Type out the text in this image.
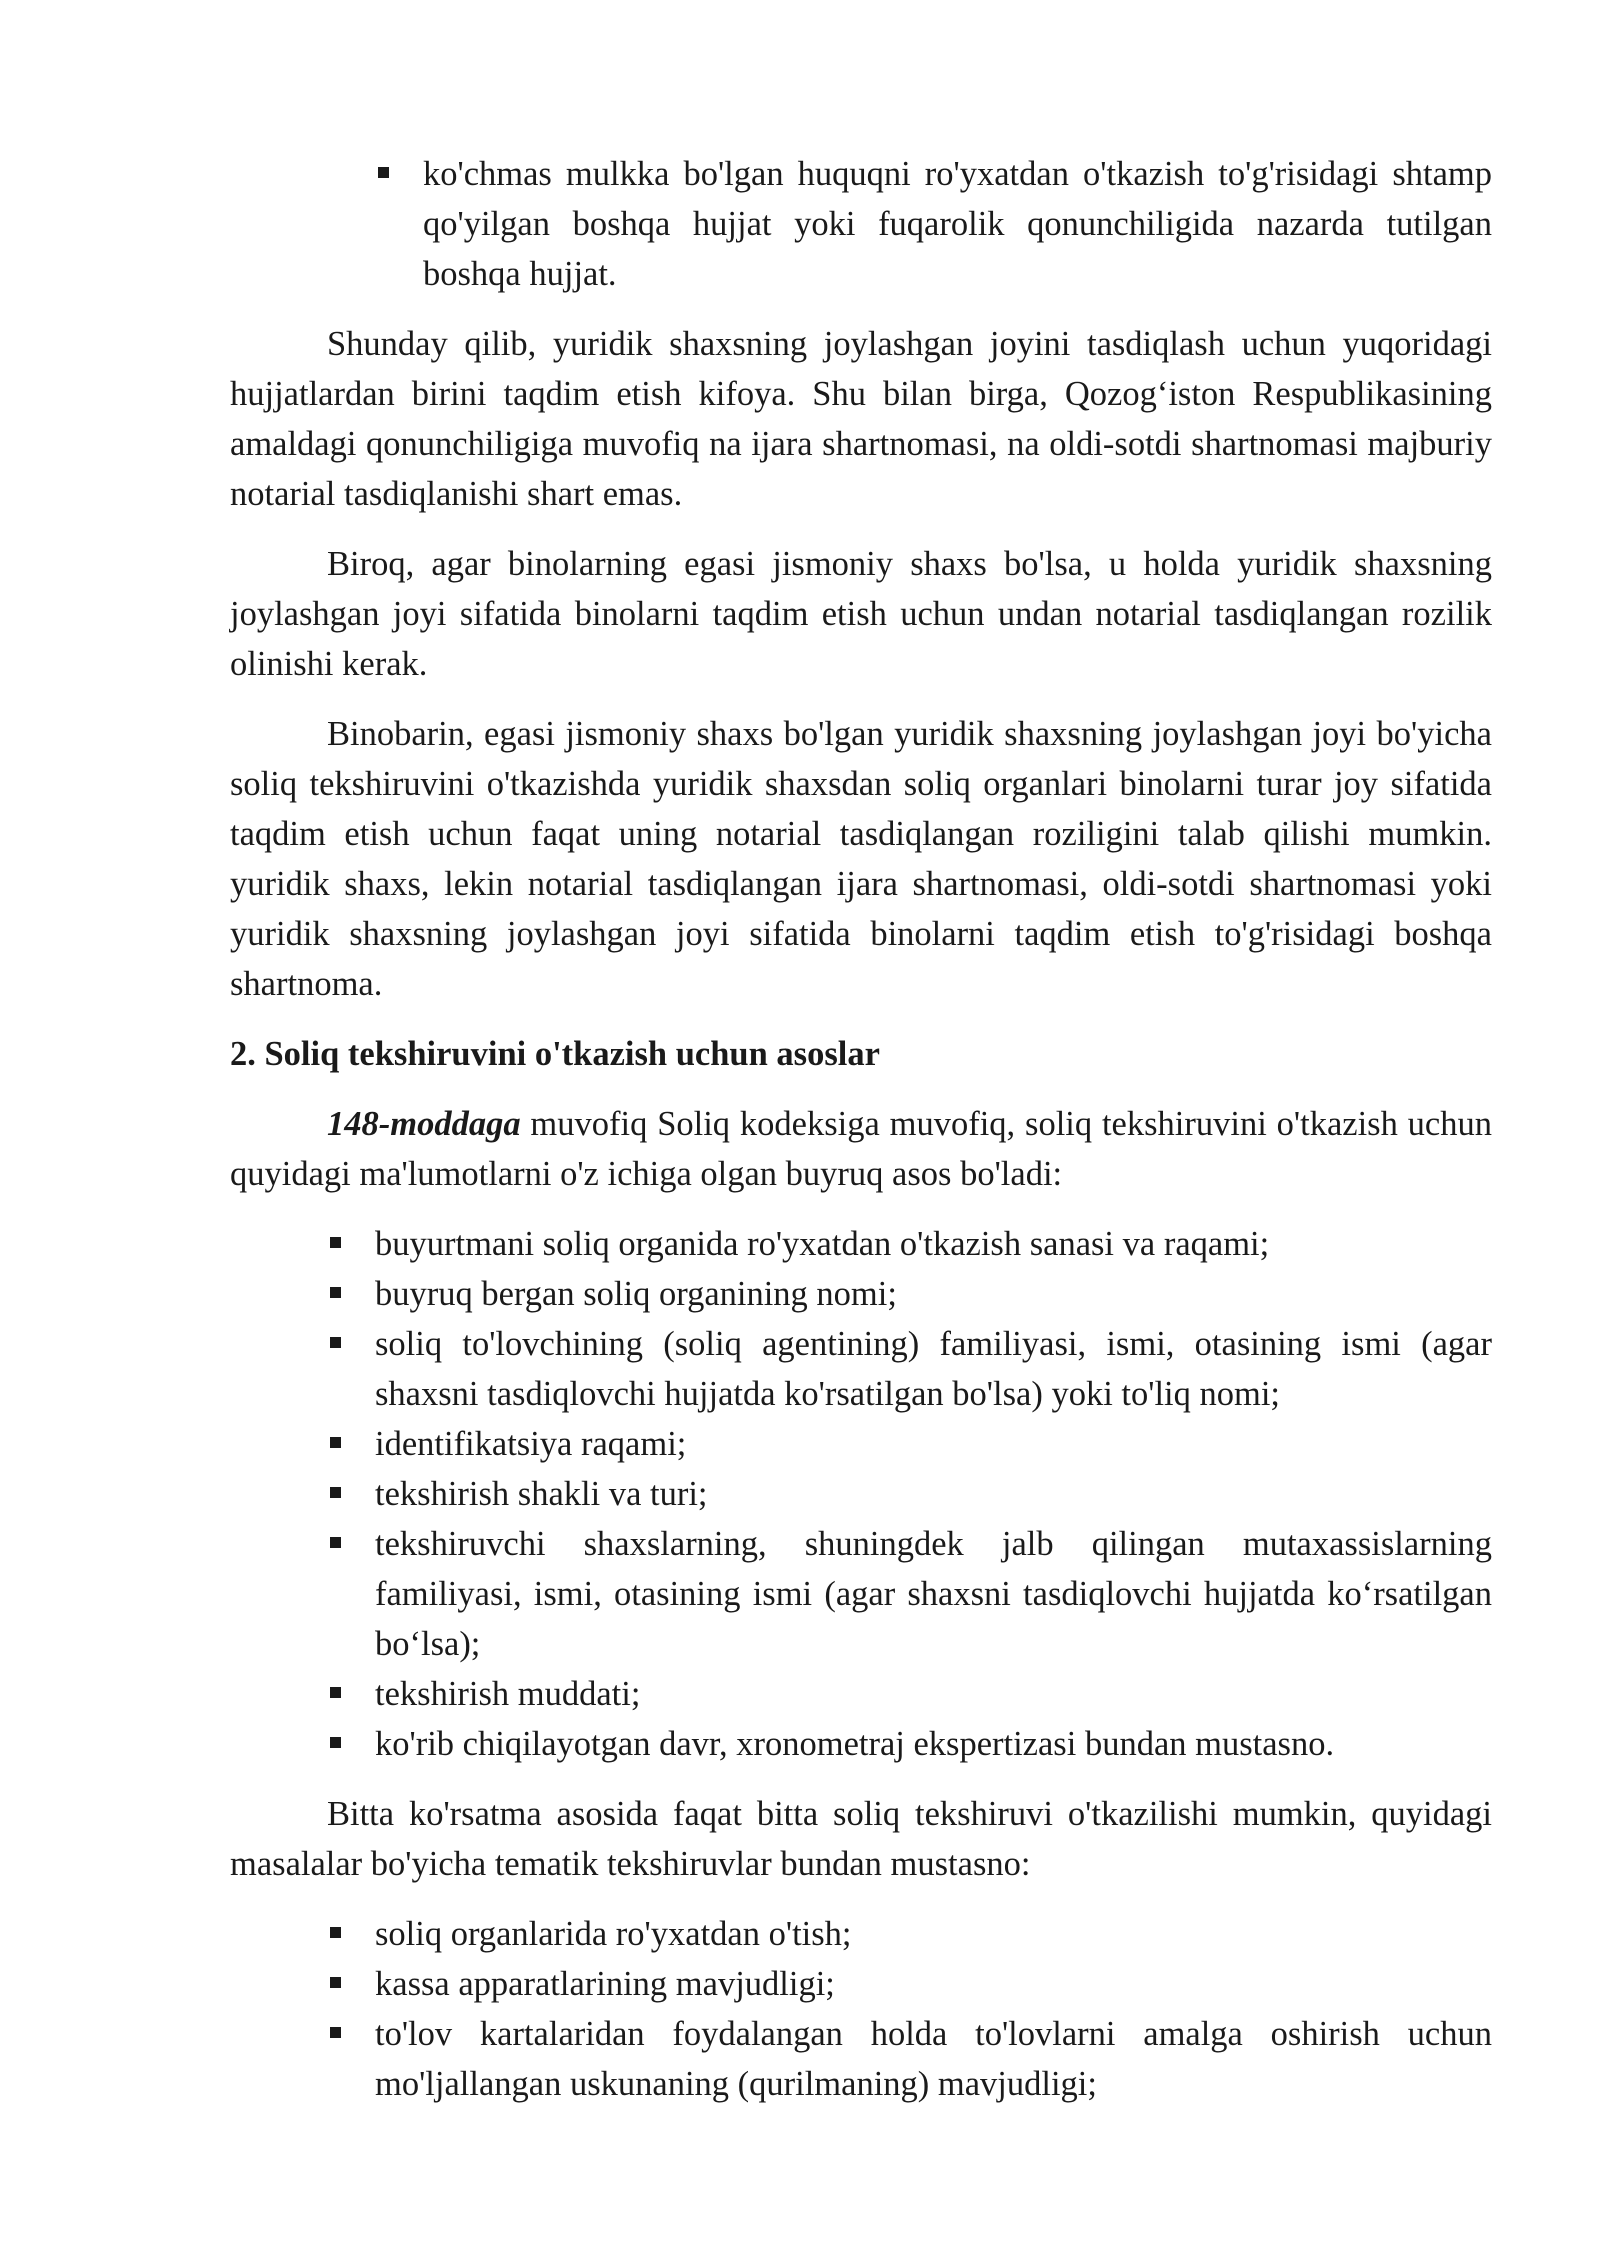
ko'chmas mulkka bo'lgan huquqni ro'yxatdan o'tkazish to'g'risidagi shtamp qo'yilgan boshqa hujjat yoki fuqarolik qonunchiligida nazarda tutilgan boshqa hujjat.

Shunday qilib, yuridik shaxsning joylashgan joyini tasdiqlash uchun yuqoridagi hujjatlardan birini taqdim etish kifoya. Shu bilan birga, Qozog‘iston Respublikasining amaldagi qonunchiligiga muvofiq na ijara shartnomasi, na oldi-sotdi shartnomasi majburiy notarial tasdiqlanishi shart emas.

Biroq, agar binolarning egasi jismoniy shaxs bo'lsa, u holda yuridik shaxsning joylashgan joyi sifatida binolarni taqdim etish uchun undan notarial tasdiqlangan rozilik olinishi kerak.

Binobarin, egasi jismoniy shaxs bo'lgan yuridik shaxsning joylashgan joyi bo'yicha soliq tekshiruvini o'tkazishda yuridik shaxsdan soliq organlari binolarni turar joy sifatida taqdim etish uchun faqat uning notarial tasdiqlangan roziligini talab qilishi mumkin. yuridik shaxs, lekin notarial tasdiqlangan ijara shartnomasi, oldi-sotdi shartnomasi yoki yuridik shaxsning joylashgan joyi sifatida binolarni taqdim etish to'g'risidagi boshqa shartnoma.

2. Soliq tekshiruvini o'tkazish uchun asoslar

148-moddaga muvofiq Soliq kodeksiga muvofiq, soliq tekshiruvini o'tkazish uchun quyidagi ma'lumotlarni o'z ichiga olgan buyruq asos bo'ladi:

buyurtmani soliq organida ro'yxatdan o'tkazish sanasi va raqami;
buyruq bergan soliq organining nomi;
soliq to'lovchining (soliq agentining) familiyasi, ismi, otasining ismi (agar shaxsni tasdiqlovchi hujjatda ko'rsatilgan bo'lsa) yoki to'liq nomi;
identifikatsiya raqami;
tekshirish shakli va turi;
tekshiruvchi shaxslarning, shuningdek jalb qilingan mutaxassislarning familiyasi, ismi, otasining ismi (agar shaxsni tasdiqlovchi hujjatda ko‘rsatilgan bo‘lsa);
tekshirish muddati;
ko'rib chiqilayotgan davr, xronometraj ekspertizasi bundan mustasno.

Bitta ko'rsatma asosida faqat bitta soliq tekshiruvi o'tkazilishi mumkin, quyidagi masalalar bo'yicha tematik tekshiruvlar bundan mustasno:

soliq organlarida ro'yxatdan o'tish;
kassa apparatlarining mavjudligi;
to'lov kartalaridan foydalangan holda to'lovlarni amalga oshirish uchun mo'ljallangan uskunaning (qurilmaning) mavjudligi;
